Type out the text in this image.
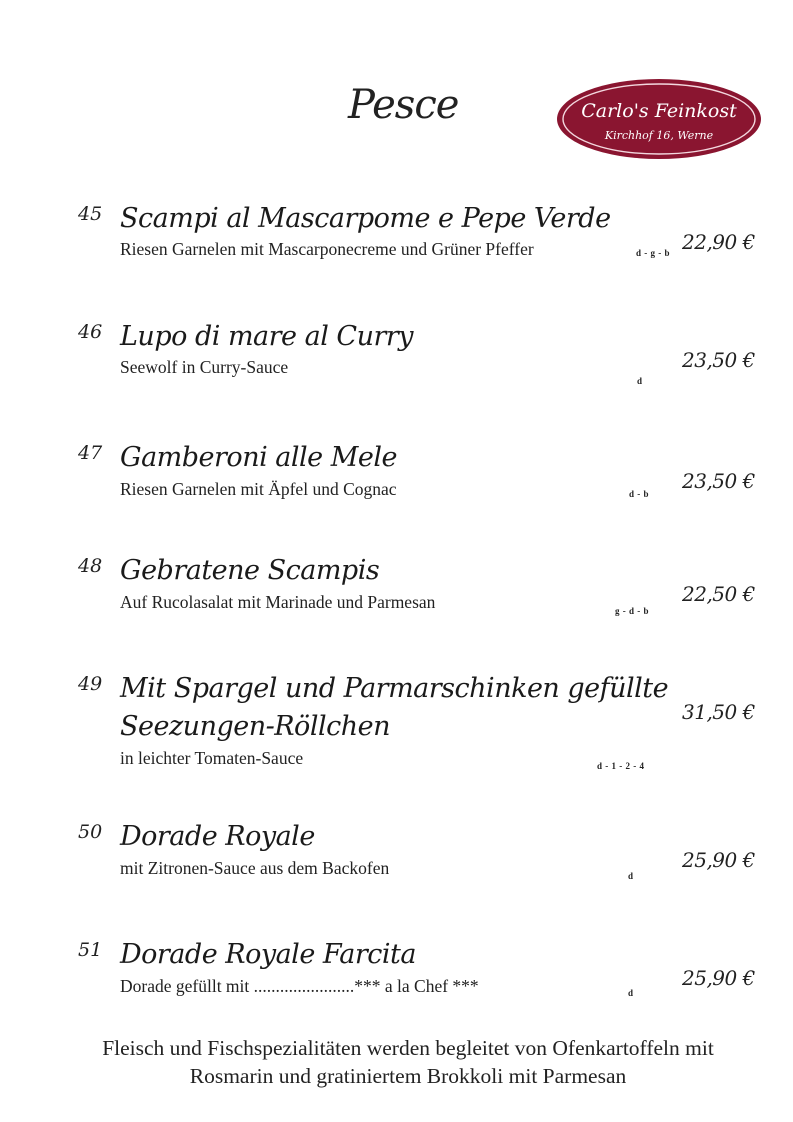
Pesce	Carlo's Feinkost
Kirchhof 16, Werne
45 Scampi al Mascarpome e Pepe Verde
Riesen Garnelen mit Mascarponecreme und Grüner Pfeffer	d - g - b 22,90 €
46 Lupo di mare al Curry
Seewolf in Curry-Sauce
d
23,50 €
47 Gamberoni alle Mele
Riesen Garnelen mit Äpfel und Cognac	d - b
23,50 €
48 Gebratene Scampis
Auf Rucolasalat mit Marinade und Parmesan	g - d - b
22,50 €
49 Mit Spargel und Parmarschinken gefüllte
Seezungen-Röllchen
in leichter Tomaten-Sauce	d - 1 - 2 - 4
31,50 €
50 Dorade Royale
mit Zitronen-Sauce aus dem Backofen	d
25,90 €
51 Dorade Royale Farcita
Dorade gefüllt mit .......................*** a la Chef ***	d
25,90 €
Fleisch und Fischspezialitäten werden begleitet von Ofenkartoffeln mit
Rosmarin und gratiniertem Brokkoli mit Parmesan
